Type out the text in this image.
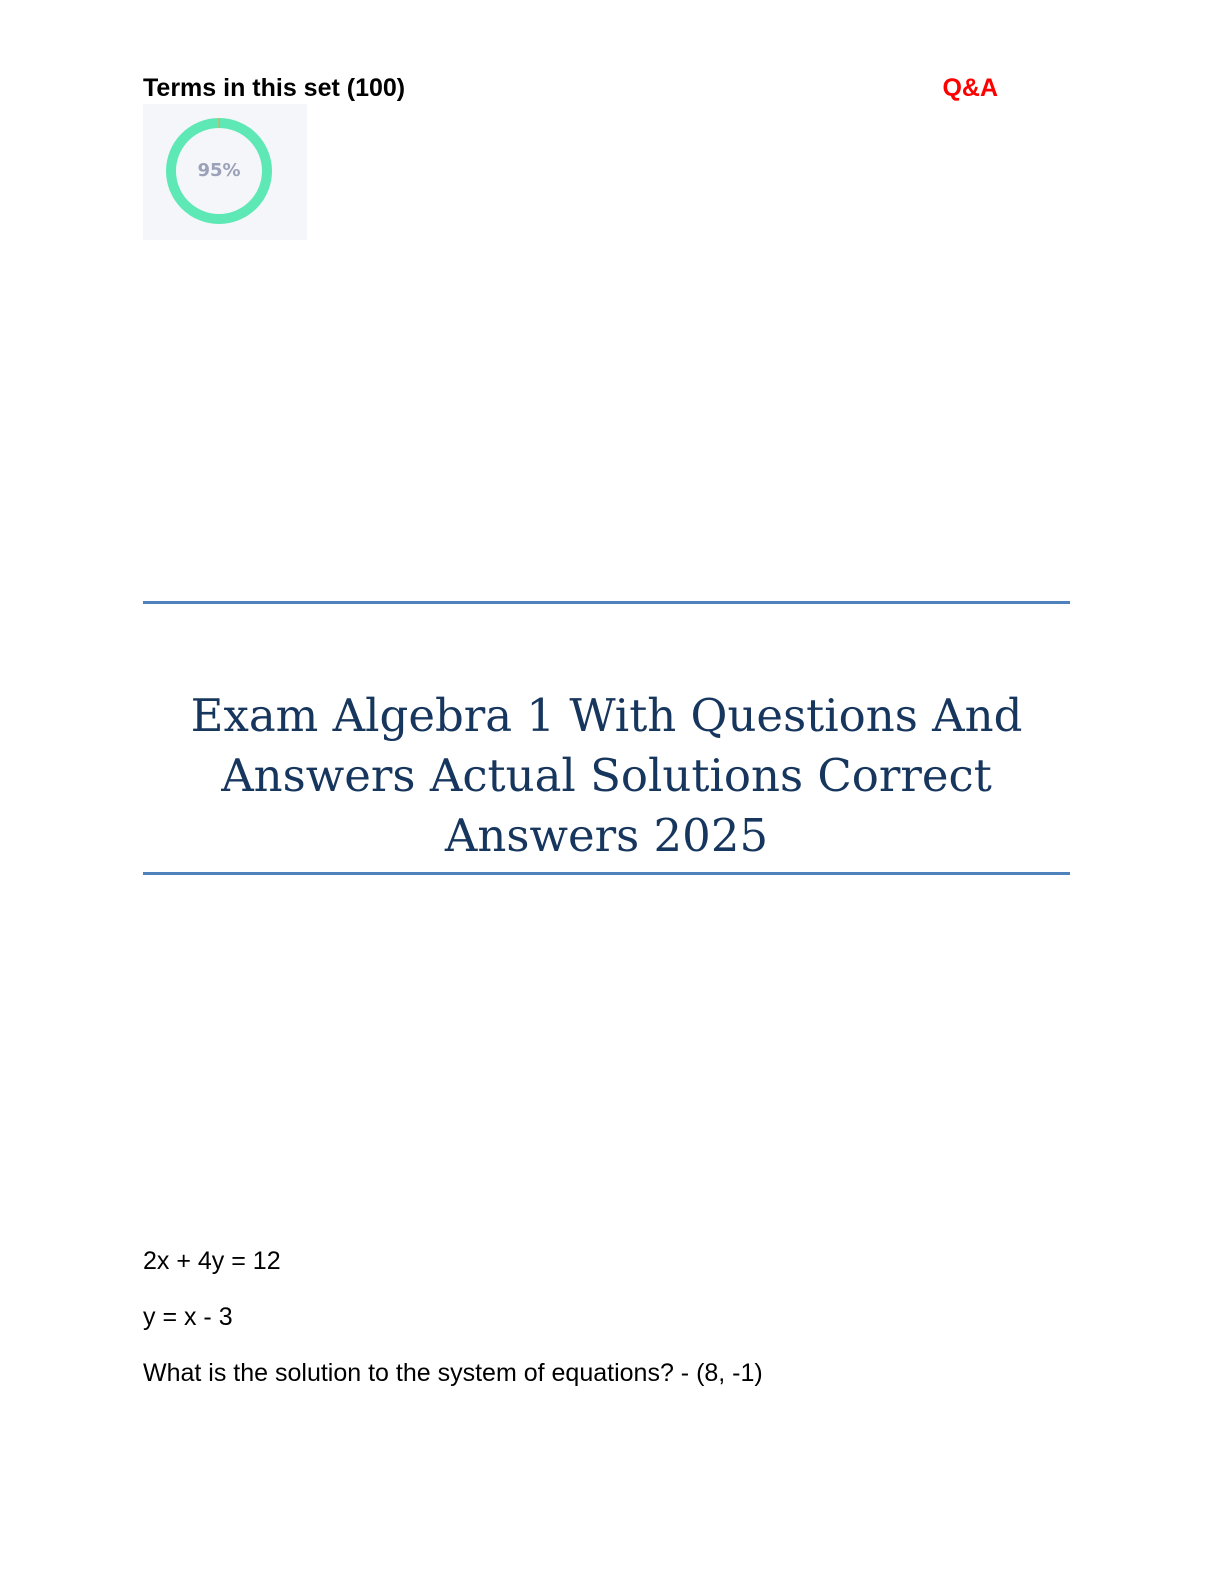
Terms in this set (100)	Q&A
95%
Exam Algebra 1 With Questions And Answers Actual Solutions Correct Answers 2025
2x + 4y = 12
y = x - 3
What is the solution to the system of equations? - (8, -1)
